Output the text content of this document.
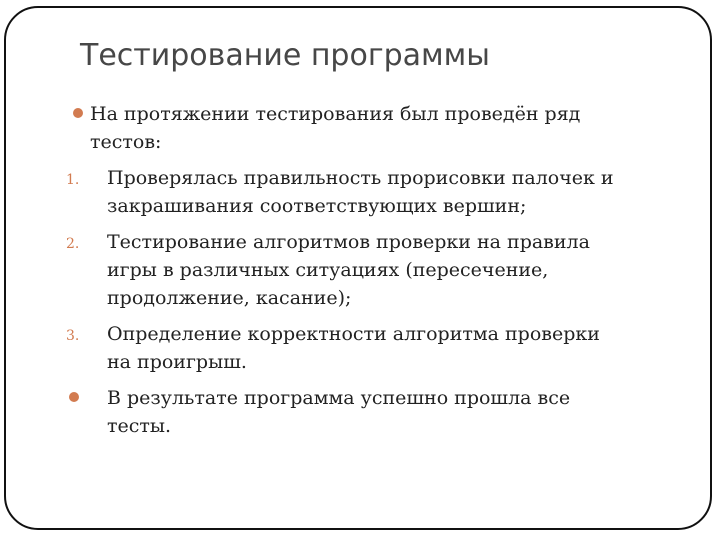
Тестирование программы
На протяжении тестирования был проведён ряд
тестов:
1. Проверялась правильность прорисовки палочек и
закрашивания соответствующих вершин;
2. Тестирование алгоритмов проверки на правила
игры в различных ситуациях (пересечение,
продолжение, касание);
3. Определение корректности алгоритма проверки
на проигрыш.
В результате программа успешно прошла все
тесты.
